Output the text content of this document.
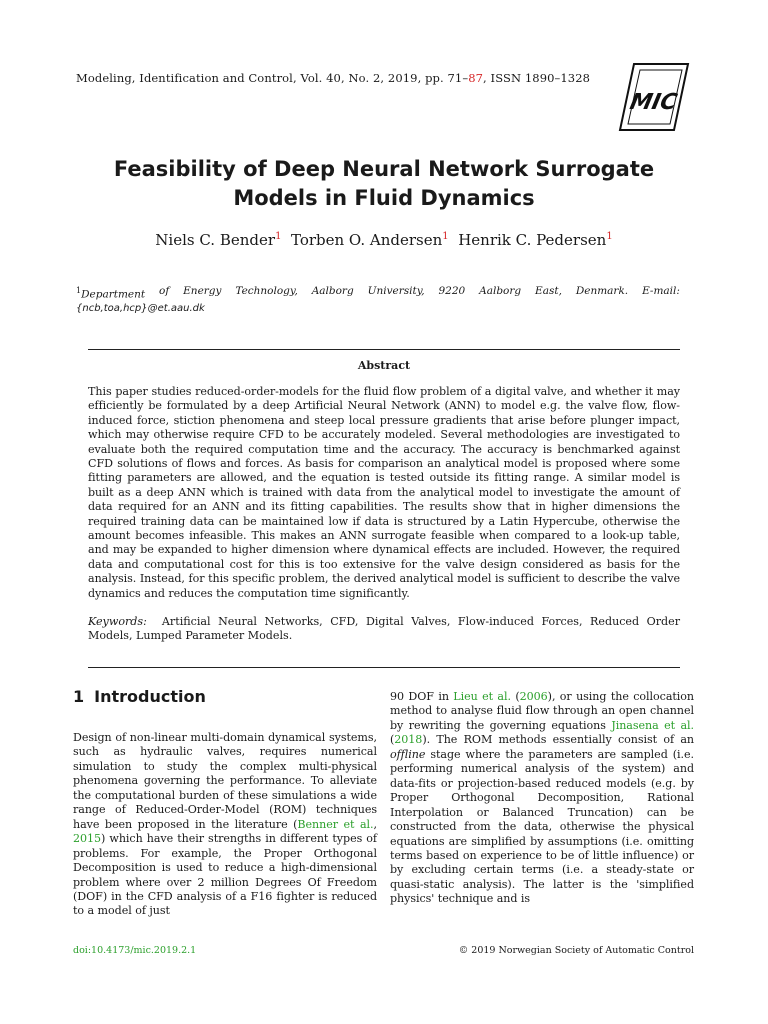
Modeling, Identification and Control, Vol. 40, No. 2, 2019, pp. 71–87, ISSN 1890–1328
MIC
Feasibility of Deep Neural Network Surrogate
Models in Fluid Dynamics
Niels C. Bender$^1$ Torben O. Andersen$^1$ Henrik C. Pedersen$^1$
$^1$Department of Energy Technology, Aalborg University, 9220 Aalborg East, Denmark. E-mail:
{ncb,toa,hcp}@et.aau.dk
Abstract
This paper studies reduced-order-models for the fluid flow problem of a digital valve, and whether it may efficiently be formulated by a deep Artificial Neural Network (ANN) to model e.g. the valve flow, flow-induced force, stiction phenomena and steep local pressure gradients that arise before plunger impact, which may otherwise require CFD to be accurately modeled. Several methodologies are investigated to evaluate both the required computation time and the accuracy. The accuracy is benchmarked against CFD solutions of flows and forces. As basis for comparison an analytical model is proposed where some fitting parameters are allowed, and the equation is tested outside its fitting range. A similar model is built as a deep ANN which is trained with data from the analytical model to investigate the amount of data required for an ANN and its fitting capabilities. The results show that in higher dimensions the required training data can be maintained low if data is structured by a Latin Hypercube, otherwise the amount becomes infeasible. This makes an ANN surrogate feasible when compared to a look-up table, and may be expanded to higher dimension where dynamical effects are included. However, the required data and computational cost for this is too extensive for the valve design considered as basis for the analysis. Instead, for this specific problem, the derived analytical model is sufficient to describe the valve dynamics and reduces the computation time significantly.
Keywords: Artificial Neural Networks, CFD, Digital Valves, Flow-induced Forces, Reduced Order Models, Lumped Parameter Models.
1 Introduction
Design of non-linear multi-domain dynamical systems, such as hydraulic valves, requires numerical simulation to study the complex multi-physical phenomena governing the performance. To alleviate the computational burden of these simulations a wide range of Reduced-Order-Model (ROM) techniques have been proposed in the literature (Benner et al., 2015) which have their strengths in different types of problems. For example, the Proper Orthogonal Decomposition is used to reduce a high-dimensional problem where over 2 million Degrees Of Freedom (DOF) in the CFD analysis of a F16 fighter is reduced to a model of just
90 DOF in Lieu et al. (2006), or using the collocation method to analyse fluid flow through an open channel by rewriting the governing equations Jinasena et al. (2018). The ROM methods essentially consist of an offline stage where the parameters are sampled (i.e. performing numerical analysis of the system) and data-fits or projection-based reduced models (e.g. by Proper Orthogonal Decomposition, Rational Interpolation or Balanced Truncation) can be constructed from the data, otherwise the physical equations are simplified by assumptions (i.e. omitting terms based on experience to be of little influence) or by excluding certain terms (i.e. a steady-state or quasi-static analysis). The latter is the 'simplified physics' technique and is
doi:10.4173/mic.2019.2.1	© 2019 Norwegian Society of Automatic Control
